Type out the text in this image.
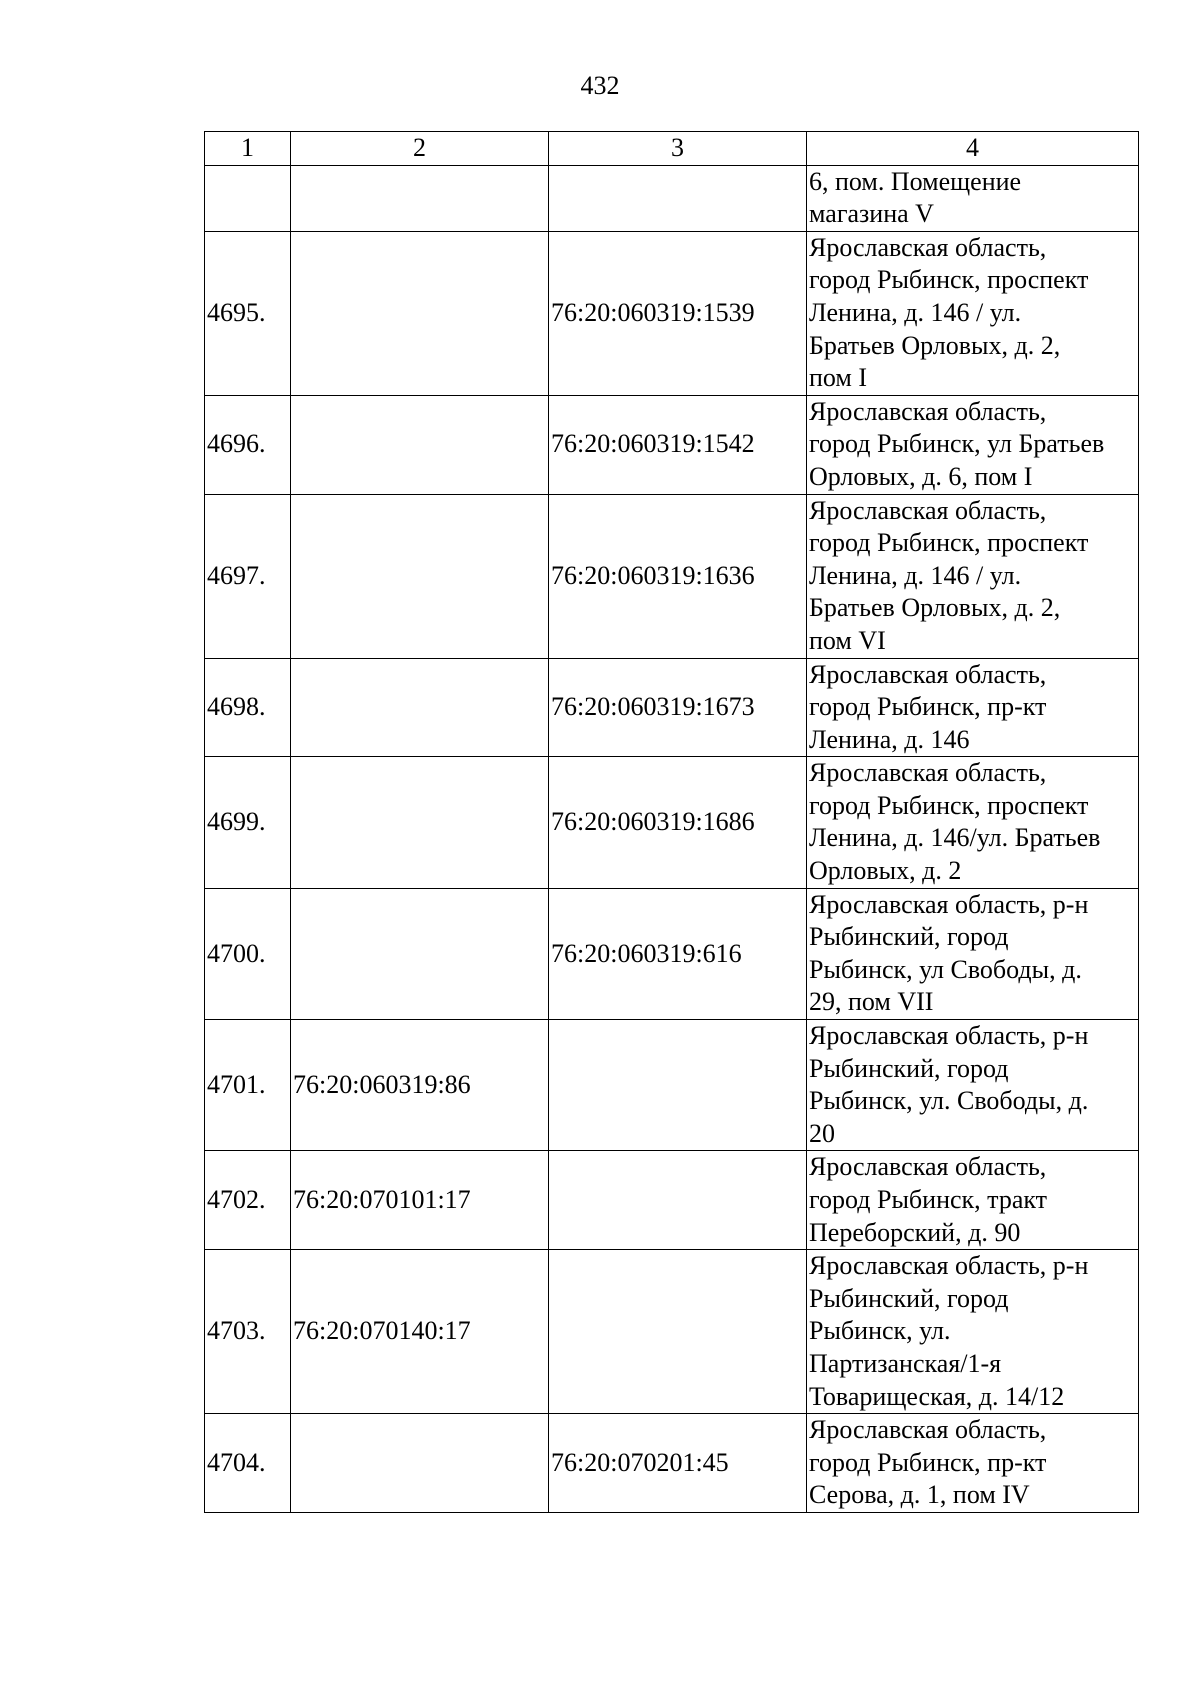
432
1	2	3	4
			6, пом. Помещение
магазина V
4695.		76:20:060319:1539	Ярославская область,
город Рыбинск, проспект
Ленина, д. 146 / ул.
Братьев Орловых, д. 2,
пом I
4696.		76:20:060319:1542	Ярославская область,
город Рыбинск, ул Братьев
Орловых, д. 6, пом I
4697.		76:20:060319:1636	Ярославская область,
город Рыбинск, проспект
Ленина, д. 146 / ул.
Братьев Орловых, д. 2,
пом VI
4698.		76:20:060319:1673	Ярославская область,
город Рыбинск, пр-кт
Ленина, д. 146
4699.		76:20:060319:1686	Ярославская область,
город Рыбинск, проспект
Ленина, д. 146/ул. Братьев
Орловых, д. 2
4700.		76:20:060319:616	Ярославская область, р-н
Рыбинский, город
Рыбинск, ул Свободы, д.
29, пом VII
4701.	76:20:060319:86		Ярославская область, р-н
Рыбинский, город
Рыбинск, ул. Свободы, д.
20
4702.	76:20:070101:17		Ярославская область,
город Рыбинск, тракт
Переборский, д. 90
4703.	76:20:070140:17		Ярославская область, р-н
Рыбинский, город
Рыбинск, ул.
Партизанская/1-я
Товарищеская, д. 14/12
4704.		76:20:070201:45	Ярославская область,
город Рыбинск, пр-кт
Серова, д. 1, пом IV
